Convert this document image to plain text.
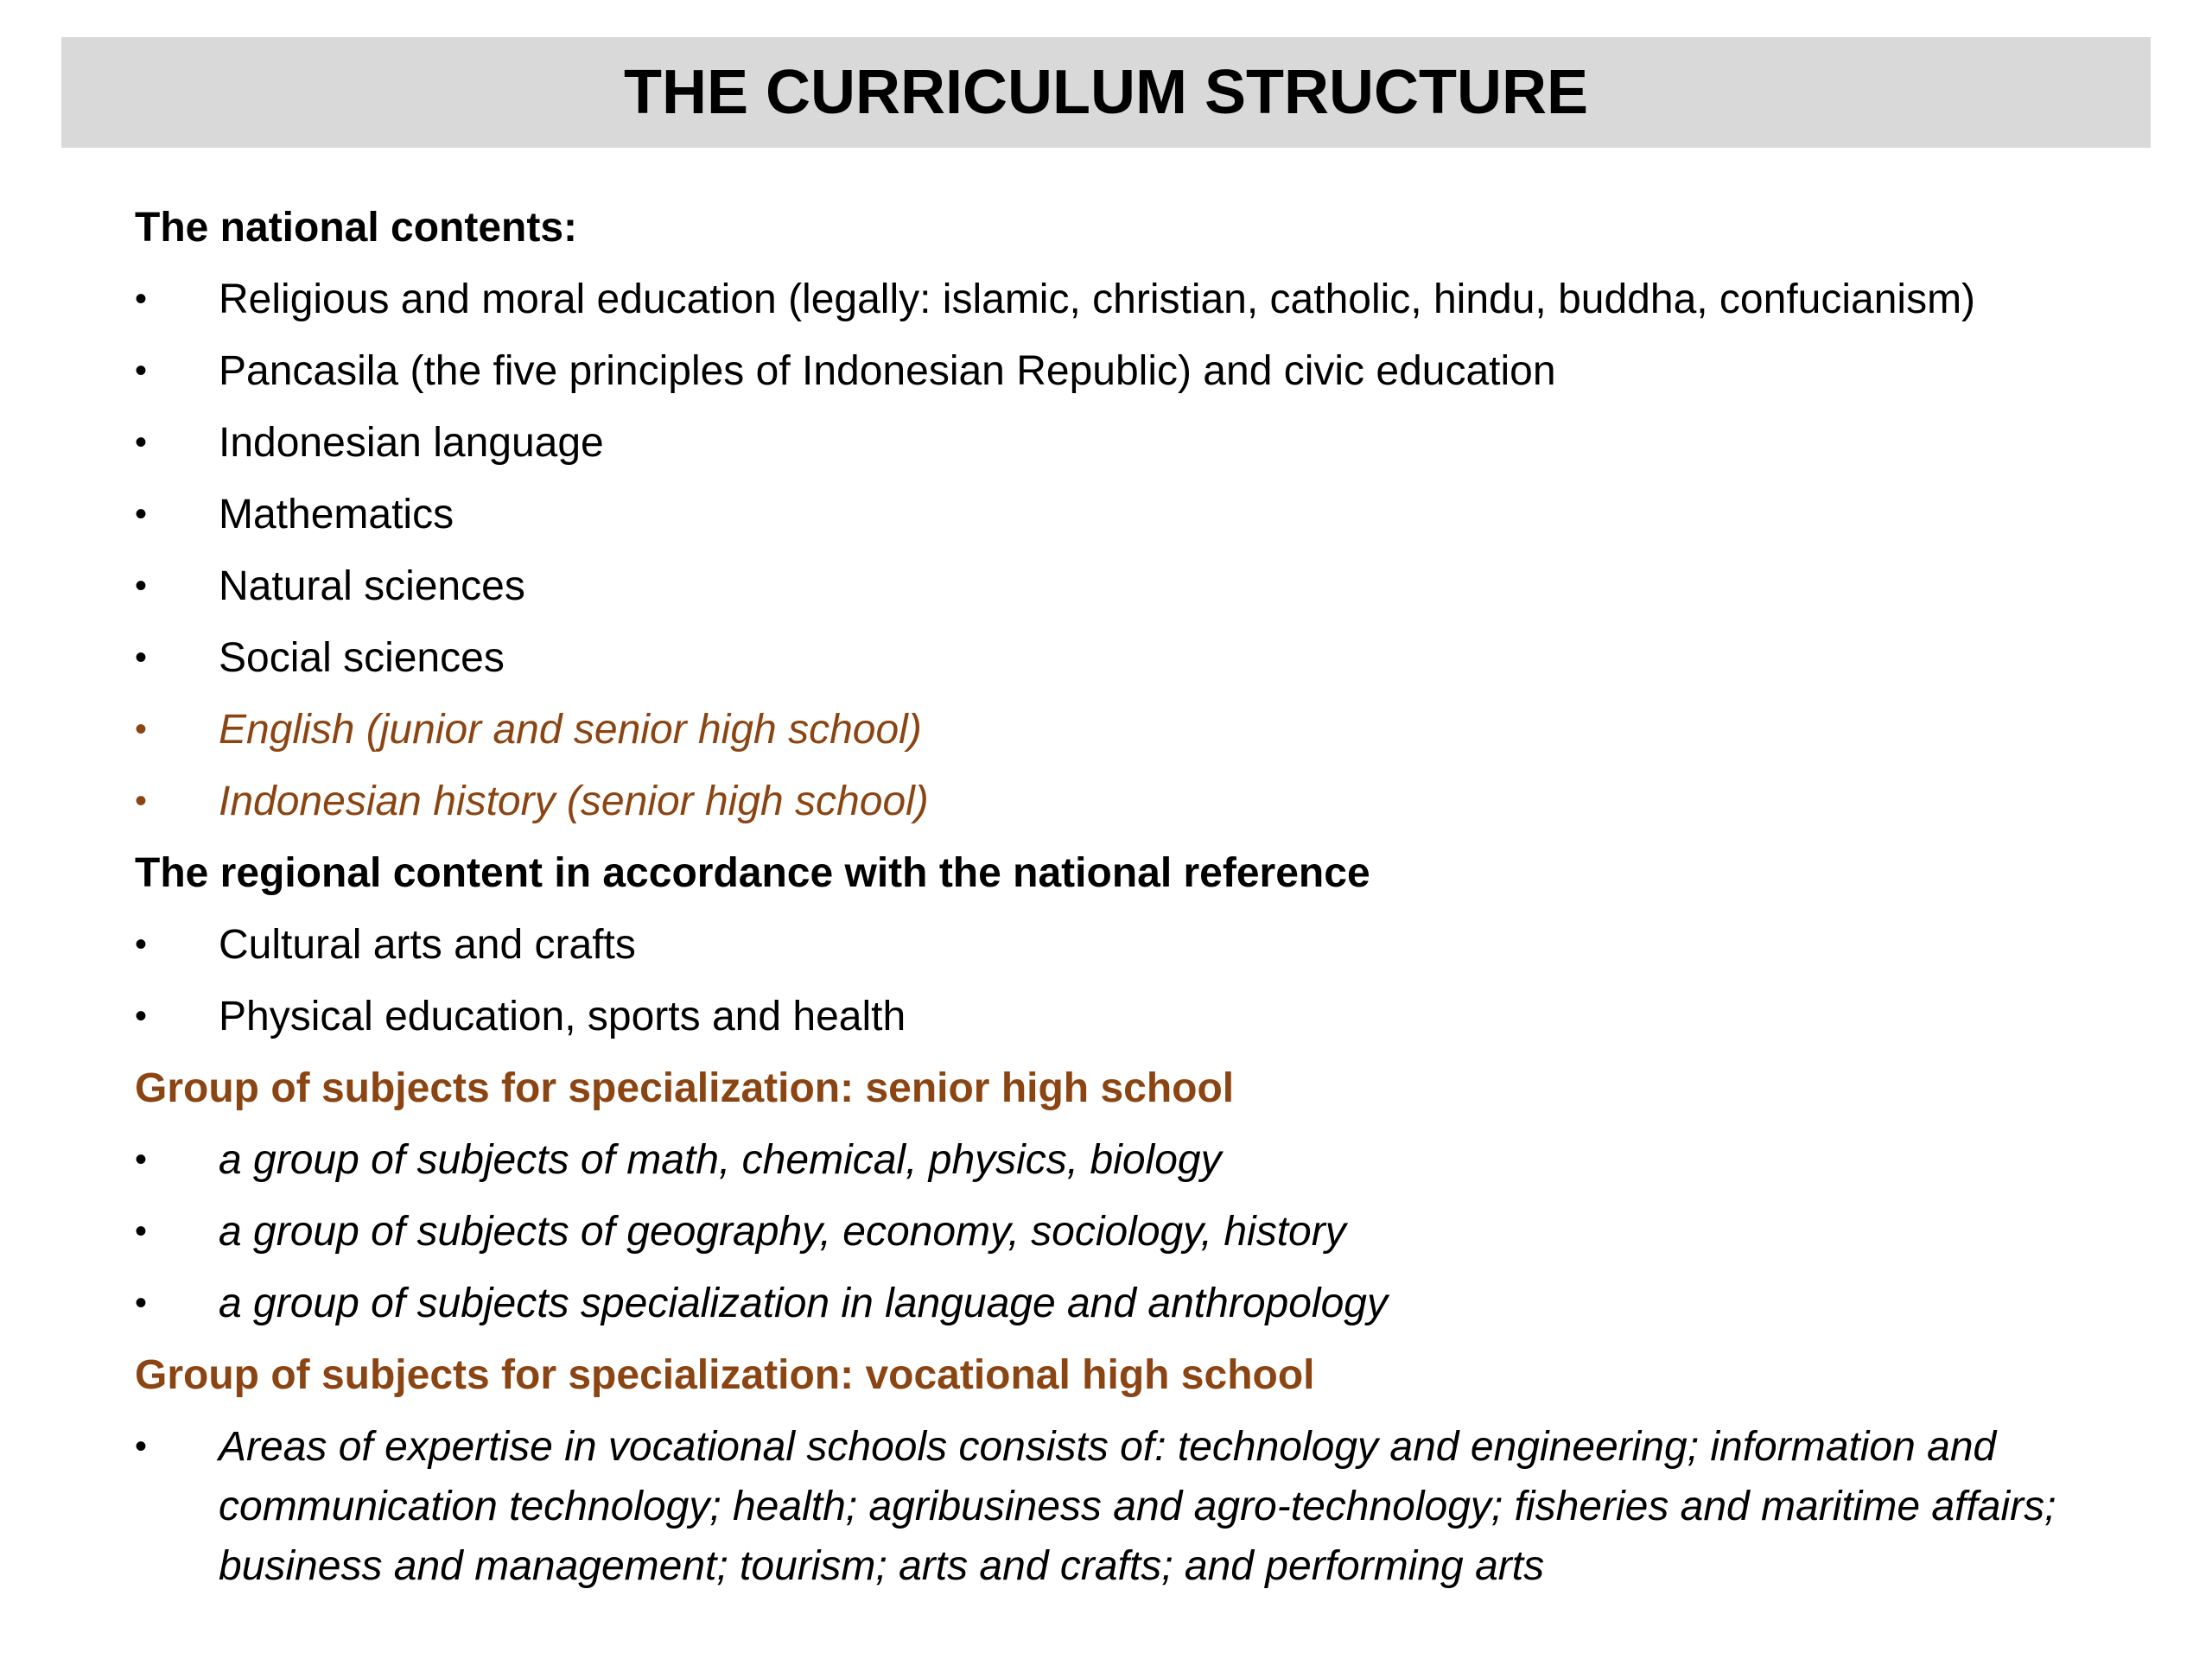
THE CURRICULUM STRUCTURE
The national contents:
•	Religious and moral education (legally: islamic, christian, catholic, hindu, buddha, confucianism)
•	Pancasila (the five principles of Indonesian Republic) and civic education
•	Indonesian language
•	Mathematics
•	Natural sciences
•	Social sciences
•	English (junior and senior high school)
•	Indonesian history (senior high school)
The regional content in accordance with the national reference
•	Cultural arts and crafts
•	Physical education, sports and health
Group of subjects for specialization: senior high school
•	a group of subjects of math, chemical, physics, biology
•	a group of subjects of geography, economy, sociology, history
•	a group of subjects specialization in language and anthropology
Group of subjects for specialization: vocational high school
•	Areas of expertise in vocational schools consists of: technology and engineering; information and communication technology; health; agribusiness and agro-technology; fisheries and maritime affairs; business and management; tourism; arts and crafts; and performing arts
